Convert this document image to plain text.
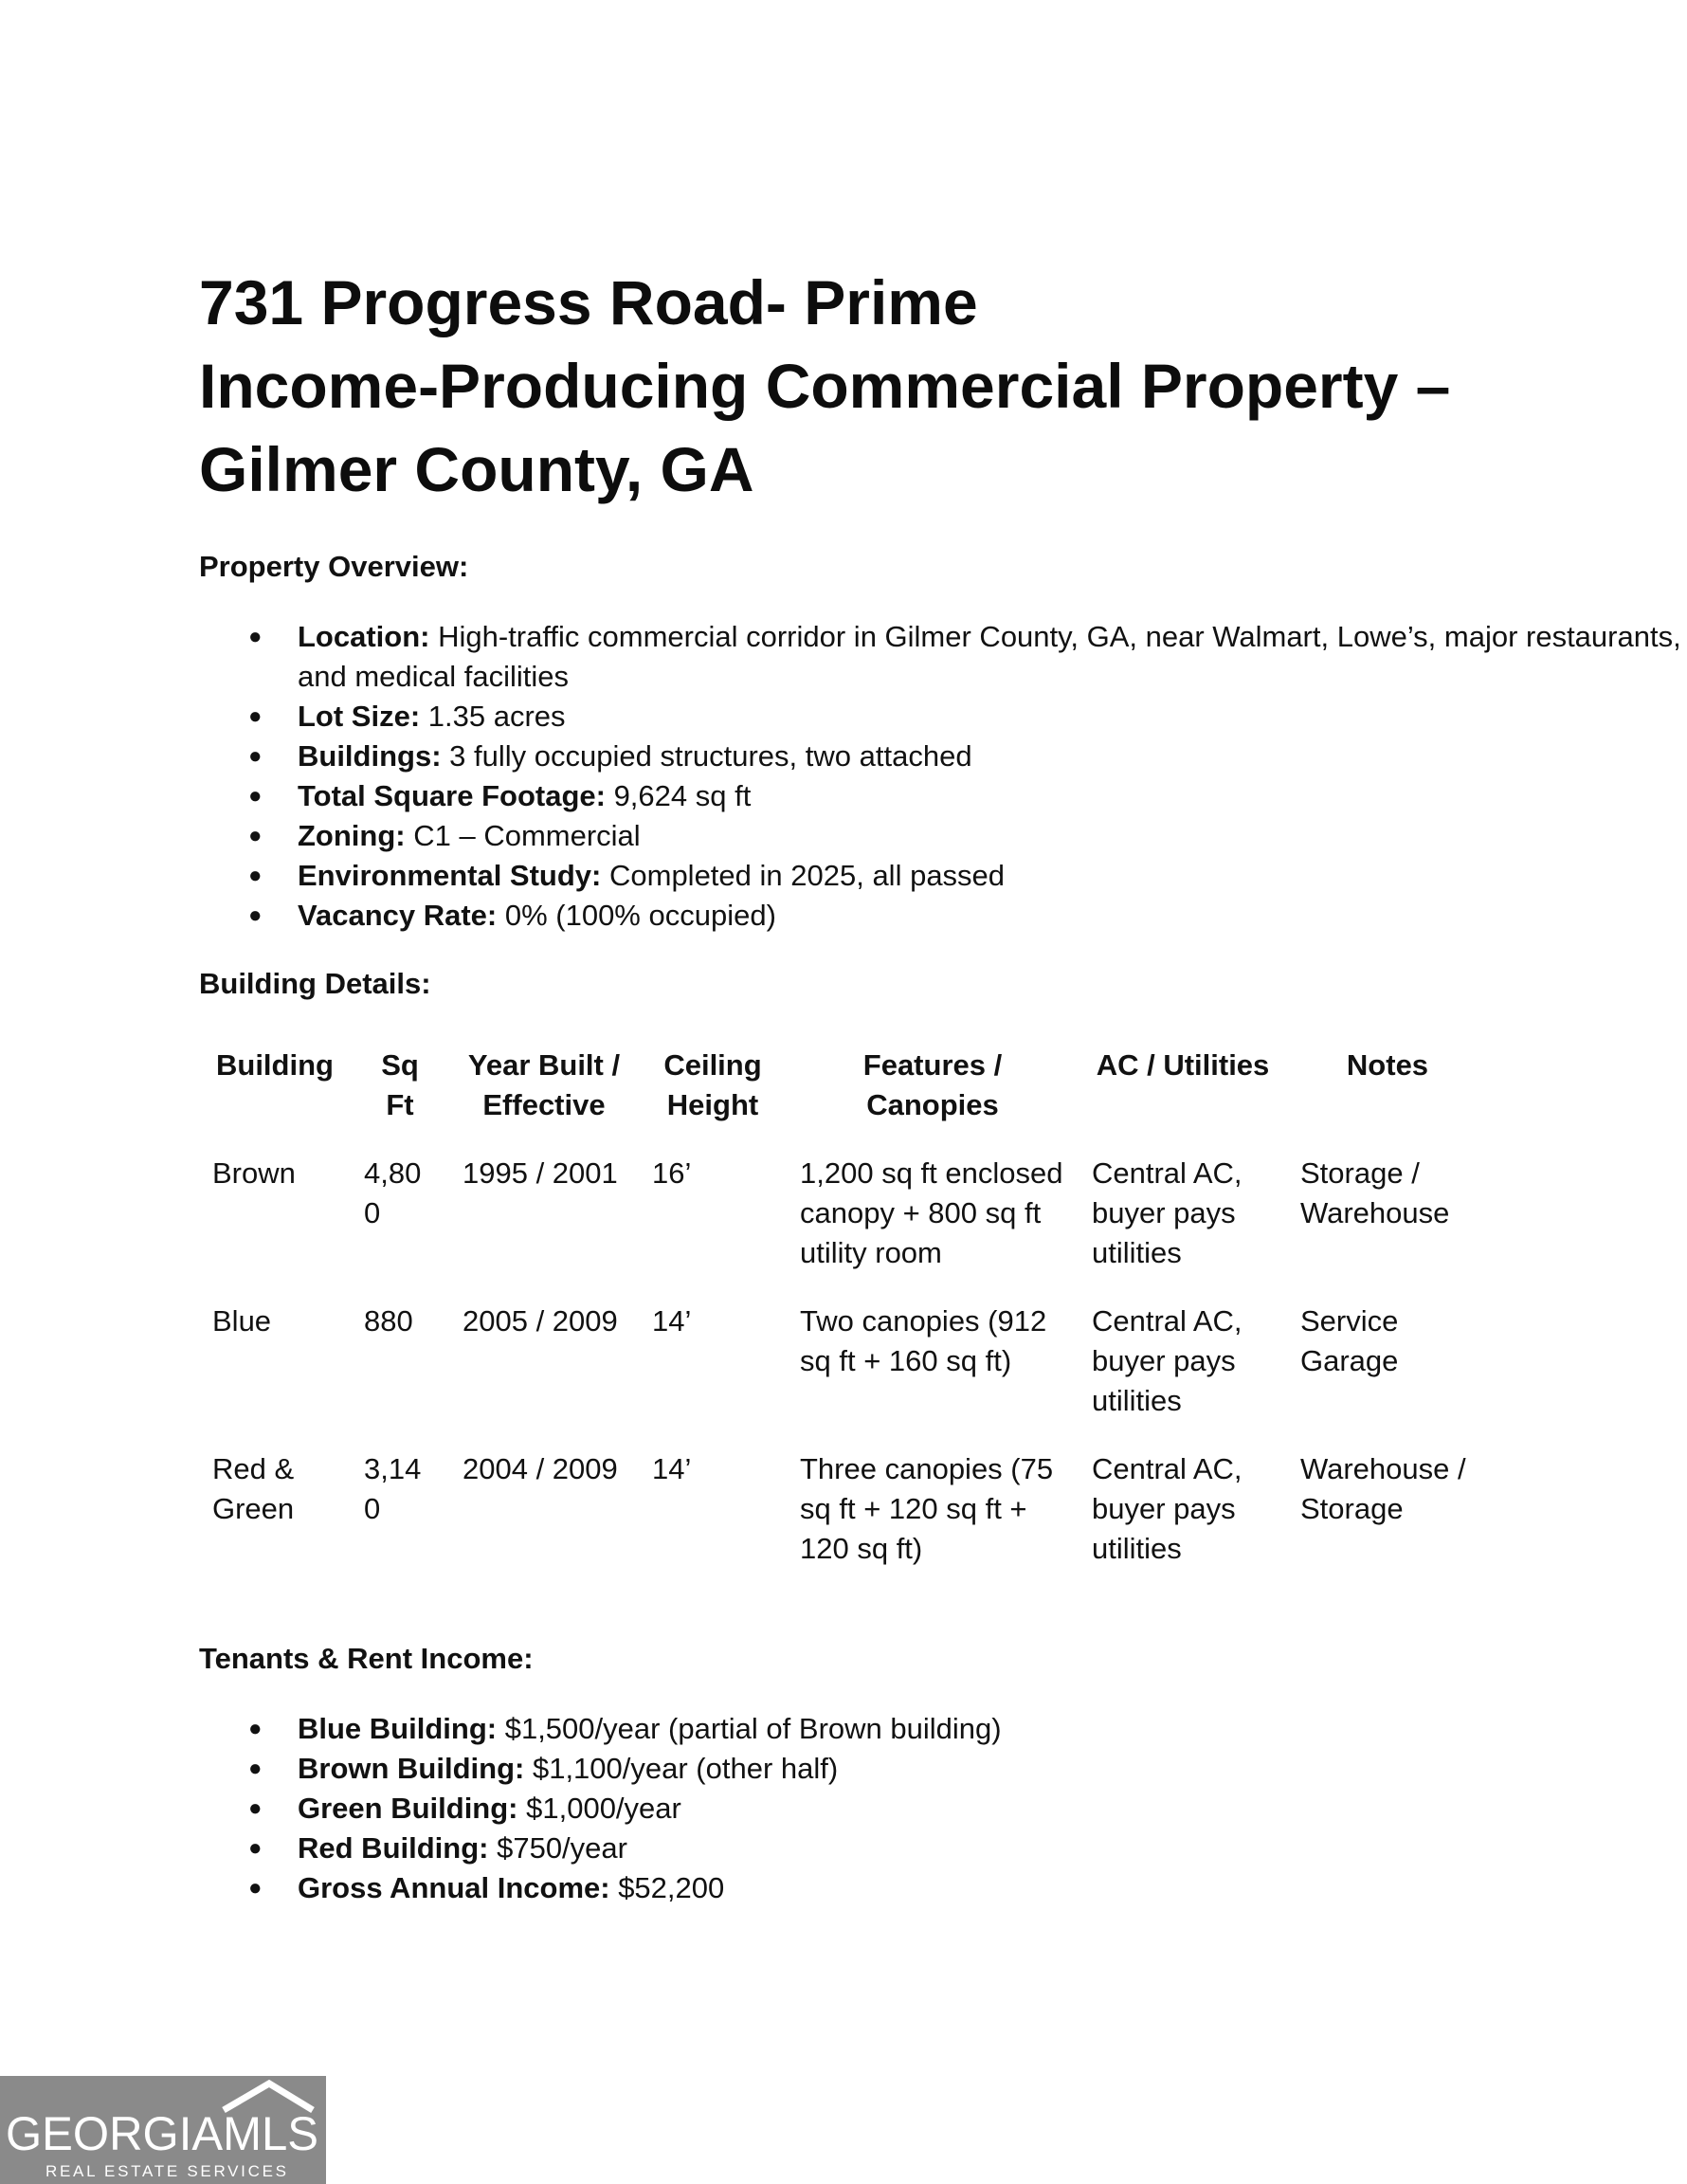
731 Progress Road- Prime
Income-Producing Commercial Property –
Gilmer County, GA

Property Overview:

● Location: High-traffic commercial corridor in Gilmer County, GA, near Walmart, Lowe’s, major restaurants, and medical facilities
● Lot Size: 1.35 acres
● Buildings: 3 fully occupied structures, two attached
● Total Square Footage: 9,624 sq ft
● Zoning: C1 – Commercial
● Environmental Study: Completed in 2025, all passed
● Vacancy Rate: 0% (100% occupied)

Building Details:

Building	Sq Ft	Year Built / Effective	Ceiling Height	Features / Canopies	AC / Utilities	Notes
Brown	4,800	1995 / 2001	16’	1,200 sq ft enclosed canopy + 800 sq ft utility room	Central AC, buyer pays utilities	Storage / Warehouse
Blue	880	2005 / 2009	14’	Two canopies (912 sq ft + 160 sq ft)	Central AC, buyer pays utilities	Service Garage
Red & Green	3,140	2004 / 2009	14’	Three canopies (75 sq ft + 120 sq ft + 120 sq ft)	Central AC, buyer pays utilities	Warehouse / Storage

Tenants & Rent Income:

● Blue Building: $1,500/year (partial of Brown building)
● Brown Building: $1,100/year (other half)
● Green Building: $1,000/year
● Red Building: $750/year
● Gross Annual Income: $52,200
GEORGIAMLS
REAL ESTATE SERVICES
